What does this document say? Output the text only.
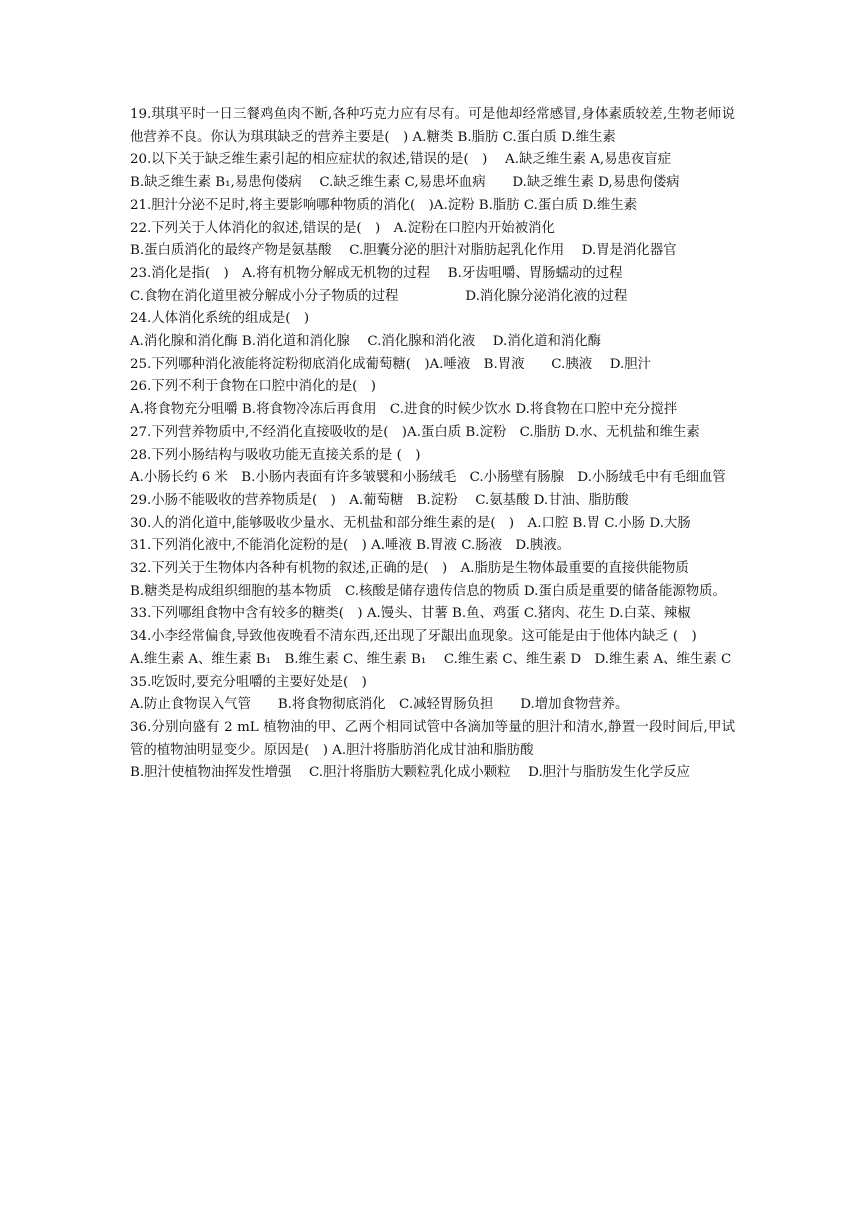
19.琪琪平时一日三餐鸡鱼肉不断,各种巧克力应有尽有。可是他却经常感冒,身体素质较差,生物老师说他营养不良。你认为琪琪缺乏的营养主要是(　) A.糖类 B.脂肪 C.蛋白质 D.维生素

20.以下关于缺乏维生素引起的相应症状的叙述,错误的是(　)　 A.缺乏维生素 A,易患夜盲症

B.缺乏维生素 B₁,易患佝偻病　 C.缺乏维生素 C,易患坏血病　　D.缺乏维生素 D,易患佝偻病

21.胆汁分泌不足时,将主要影响哪种物质的消化(　)A.淀粉 B.脂肪 C.蛋白质 D.维生素

22.下列关于人体消化的叙述,错误的是(　)　A.淀粉在口腔内开始被消化

B.蛋白质消化的最终产物是氨基酸　 C.胆囊分泌的胆汁对脂肪起乳化作用　 D.胃是消化器官

23.消化是指(　)　A.将有机物分解成无机物的过程　 B.牙齿咀嚼、胃肠蠕动的过程

C.食物在消化道里被分解成小分子物质的过程　　　　　D.消化腺分泌消化液的过程

24.人体消化系统的组成是(　)

A.消化腺和消化酶 B.消化道和消化腺　 C.消化腺和消化液　 D.消化道和消化酶

25.下列哪种消化液能将淀粉彻底消化成葡萄糖(　)A.唾液　B.胃液　　C.胰液　 D.胆汁

26.下列不利于食物在口腔中消化的是(　)

A.将食物充分咀嚼 B.将食物冷冻后再食用　C.进食的时候少饮水 D.将食物在口腔中充分搅拌

27.下列营养物质中,不经消化直接吸收的是(　)A.蛋白质 B.淀粉　C.脂肪 D.水、无机盐和维生素

28.下列小肠结构与吸收功能无直接关系的是 (　)

A.小肠长约 6 米　B.小肠内表面有许多皱襞和小肠绒毛　C.小肠壁有肠腺　D.小肠绒毛中有毛细血管

29.小肠不能吸收的营养物质是(　)　A.葡萄糖　B.淀粉　 C.氨基酸 D.甘油、脂肪酸

30.人的消化道中,能够吸收少量水、无机盐和部分维生素的是(　)　A.口腔 B.胃 C.小肠 D.大肠

31.下列消化液中,不能消化淀粉的是(　) A.唾液 B.胃液 C.肠液　D.胰液。

32.下列关于生物体内各种有机物的叙述,正确的是(　)　A.脂肪是生物体最重要的直接供能物质

B.糖类是构成组织细胞的基本物质　C.核酸是储存遗传信息的物质 D.蛋白质是重要的储备能源物质。

33.下列哪组食物中含有较多的糖类(　) A.馒头、甘薯 B.鱼、鸡蛋 C.猪肉、花生 D.白菜、辣椒

34.小李经常偏食,导致他夜晚看不清东西,还出现了牙龈出血现象。这可能是由于他体内缺乏 (　)

A.维生素 A、维生素 B₁　B.维生素 C、维生素 B₁　 C.维生素 C、维生素 D　D.维生素 A、维生素 C

35.吃饭时,要充分咀嚼的主要好处是(　)

A.防止食物误入气管　　B.将食物彻底消化　C.减轻胃肠负担　　D.增加食物营养。

36.分别向盛有 2 mL 植物油的甲、乙两个相同试管中各滴加等量的胆汁和清水,静置一段时间后,甲试管的植物油明显变少。原因是(　) A.胆汁将脂肪消化成甘油和脂肪酸

B.胆汁使植物油挥发性增强　 C.胆汁将脂肪大颗粒乳化成小颗粒　 D.胆汁与脂肪发生化学反应
